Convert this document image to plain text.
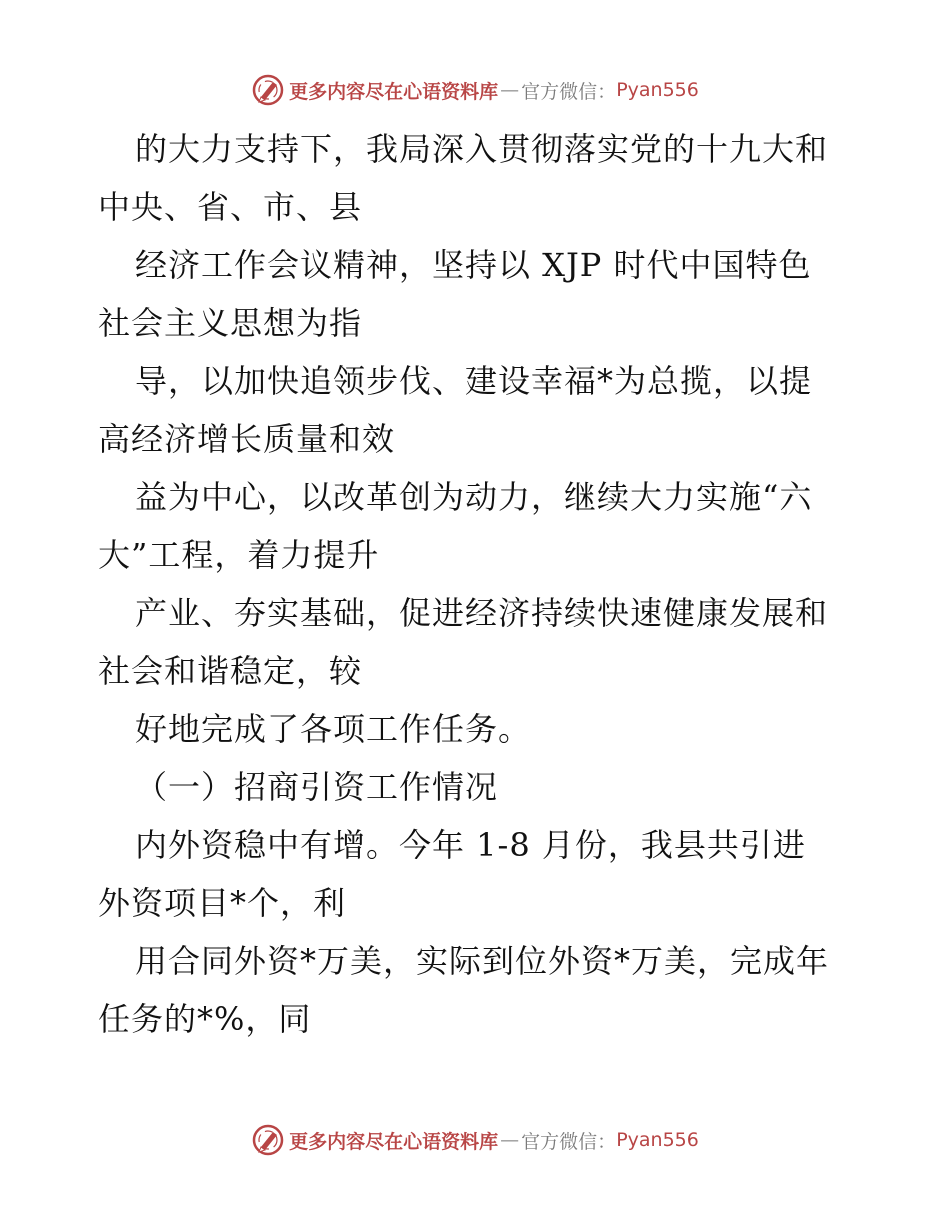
更多内容尽在心语资料库 — 官方微信： Pyan556
的大力支持下，我局深入贯彻落实党的十九大和
中央、省、市、县
经济工作会议精神，坚持以 XJP 时代中国特色
社会主义思想为指
导，以加快追领步伐、建设幸福*为总揽，以提
高经济增长质量和效
益为中心，以改革创为动力，继续大力实施“六
大”工程，着力提升
产业、夯实基础，促进经济持续快速健康发展和
社会和谐稳定，较
好地完成了各项工作任务。
（一）招商引资工作情况
内外资稳中有增。今年 1-8 月份，我县共引进
外资项目*个，利
用合同外资*万美，实际到位外资*万美，完成年
任务的*%，同
更多内容尽在心语资料库 — 官方微信： Pyan556
